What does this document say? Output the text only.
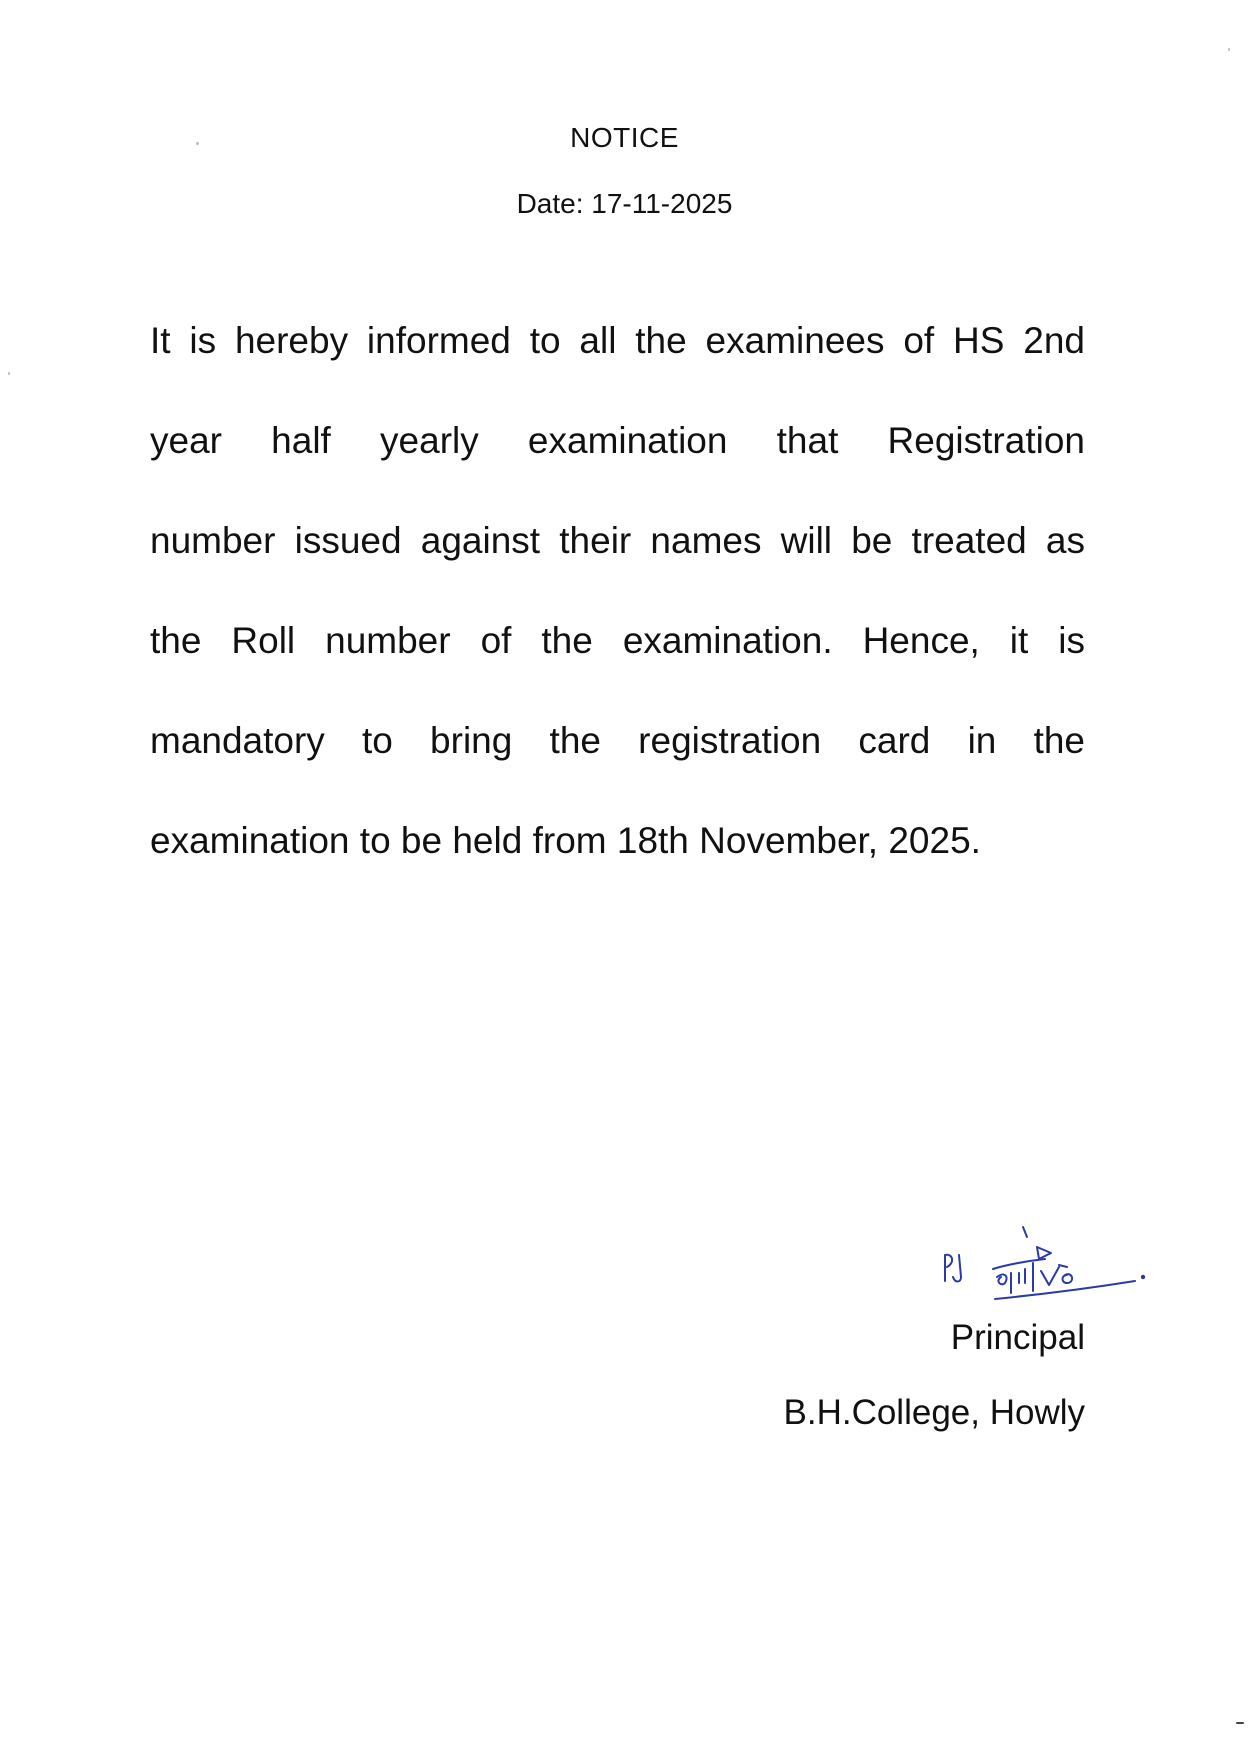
NOTICE
Date: 17-11-2025
It is hereby informed to all the examinees of HS 2nd
year half yearly examination that Registration
number issued against their names will be treated as
the Roll number of the examination. Hence, it is
mandatory to bring the registration card in the
examination to be held from 18th November, 2025.
Principal
B.H.College, Howly
